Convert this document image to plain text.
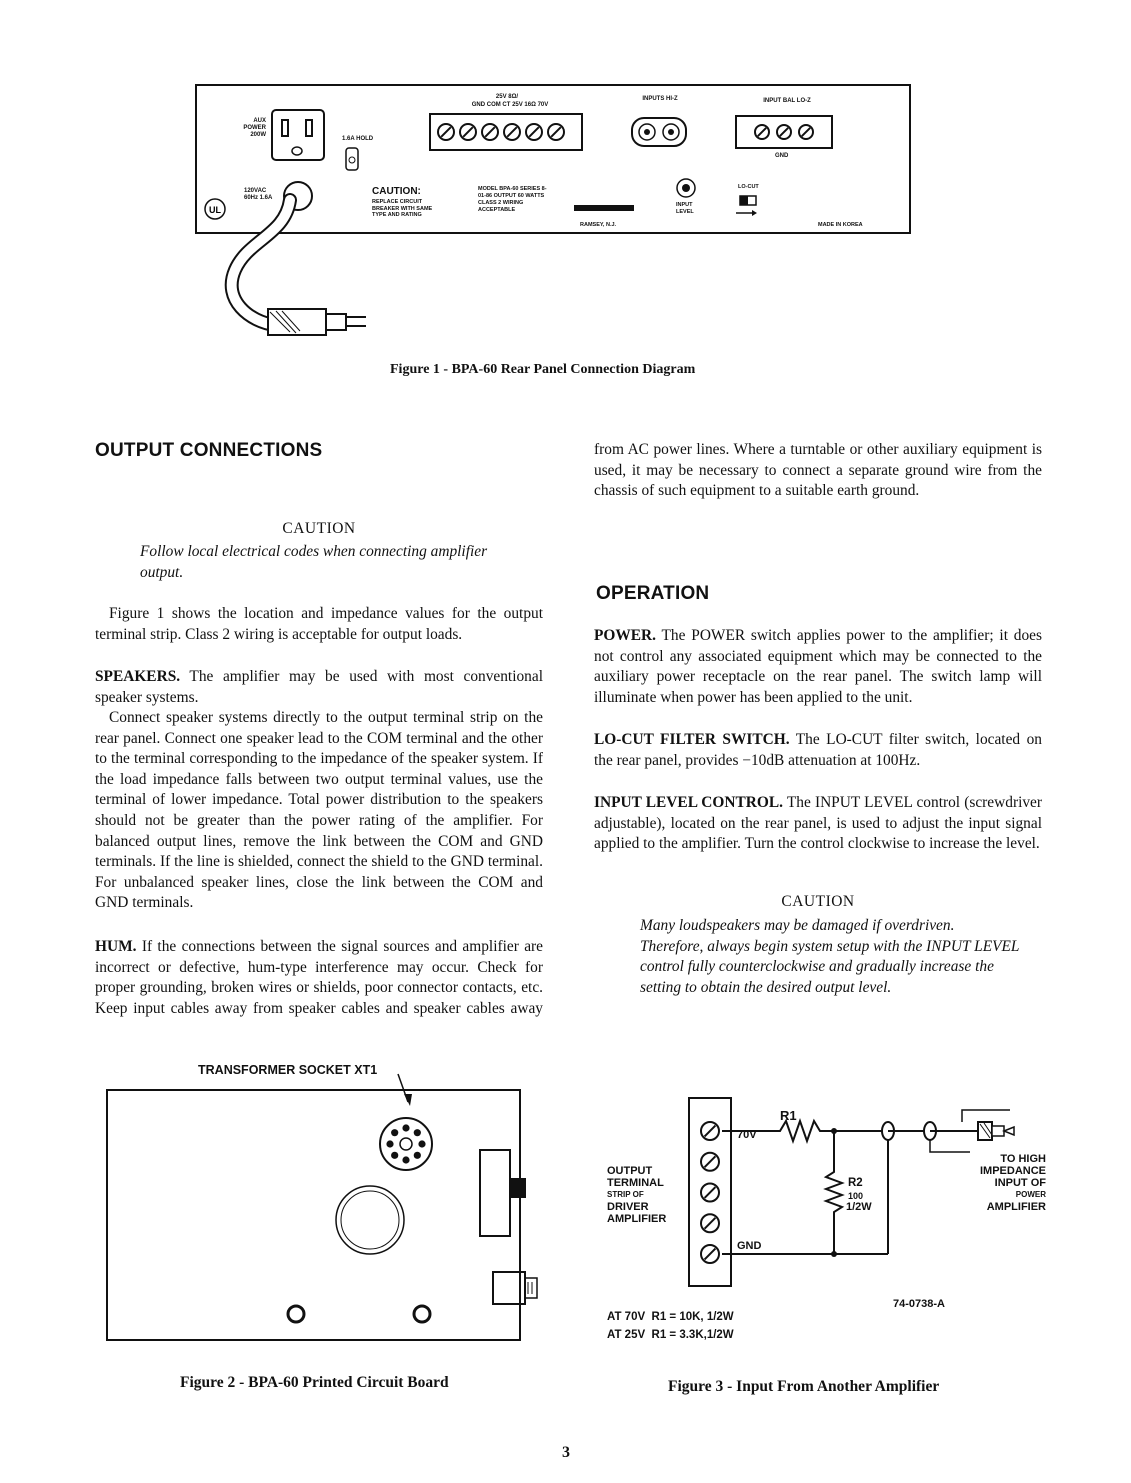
UL
AUX POWER 200W
1.6A HOLD
25V 8Ω/
GND COM CT 25V 16Ω 70V
INPUTS HI-Z	INPUT BAL LO-Z
GND
120VAC 60Hz 1.6A
CAUTION:
REPLACE CIRCUIT BREAKER WITH SAME TYPE AND RATING
MODEL BPA-60 SERIES 8-01-86 OUTPUT 60 WATTS CLASS 2 WIRING ACCEPTABLE
BOGEN
RAMSEY, N.J.
INPUT LEVEL
LO-CUT
MADE IN KOREA
Figure 1 - BPA-60 Rear Panel Connection Diagram
OUTPUT CONNECTIONS
CAUTION
Follow local electrical codes when connecting amplifier output.
Figure 1 shows the location and impedance values for the output terminal strip. Class 2 wiring is acceptable for output loads.
SPEAKERS. The amplifier may be used with most conventional speaker systems.
Connect speaker systems directly to the output terminal strip on the rear panel. Connect one speaker lead to the COM terminal and the other to the terminal corresponding to the impedance of the speaker system. If the load impedance falls between two output terminal values, use the terminal of lower impedance. Total power distribution to the speakers should not be greater than the power rating of the amplifier. For balanced output lines, remove the link between the COM and GND terminals. If the line is shielded, connect the shield to the GND terminal. For unbalanced speaker lines, close the link between the COM and GND terminals.
HUM. If the connections between the signal sources and amplifier are incorrect or defective, hum-type interference may occur. Check for proper grounding, broken wires or shields, poor connector contacts, etc. Keep input cables away from speaker cables and speaker cables away
from AC power lines. Where a turntable or other auxiliary equipment is used, it may be necessary to connect a separate ground wire from the chassis of such equipment to a suitable earth ground.
OPERATION
POWER. The POWER switch applies power to the amplifier; it does not control any associated equipment which may be connected to the auxiliary power receptacle on the rear panel. The switch lamp will illuminate when power has been applied to the unit.
LO-CUT FILTER SWITCH. The LO-CUT filter switch, located on the rear panel, provides −10dB attenuation at 100Hz.
INPUT LEVEL CONTROL. The INPUT LEVEL control (screwdriver adjustable), located on the rear panel, is used to adjust the input signal applied to the amplifier. Turn the control clockwise to increase the level.
CAUTION
Many loudspeakers may be damaged if overdriven. Therefore, always begin system setup with the INPUT LEVEL control fully counterclockwise and gradually increase the setting to obtain the desired output level.
TRANSFORMER SOCKET XT1
Figure 2 - BPA-60 Printed Circuit Board
R1
70V
GND
R2
100
1/2W
OUTPUT
TERMINAL
STRIP OF
DRIVER
AMPLIFIER
TO HIGH
IMPEDANCE
INPUT OF
POWER
AMPLIFIER
AT 70V  R1 = 10K, 1/2W
AT 25V  R1 = 3.3K,1/2W
74-0738-A
Figure 3 - Input From Another Amplifier
3
